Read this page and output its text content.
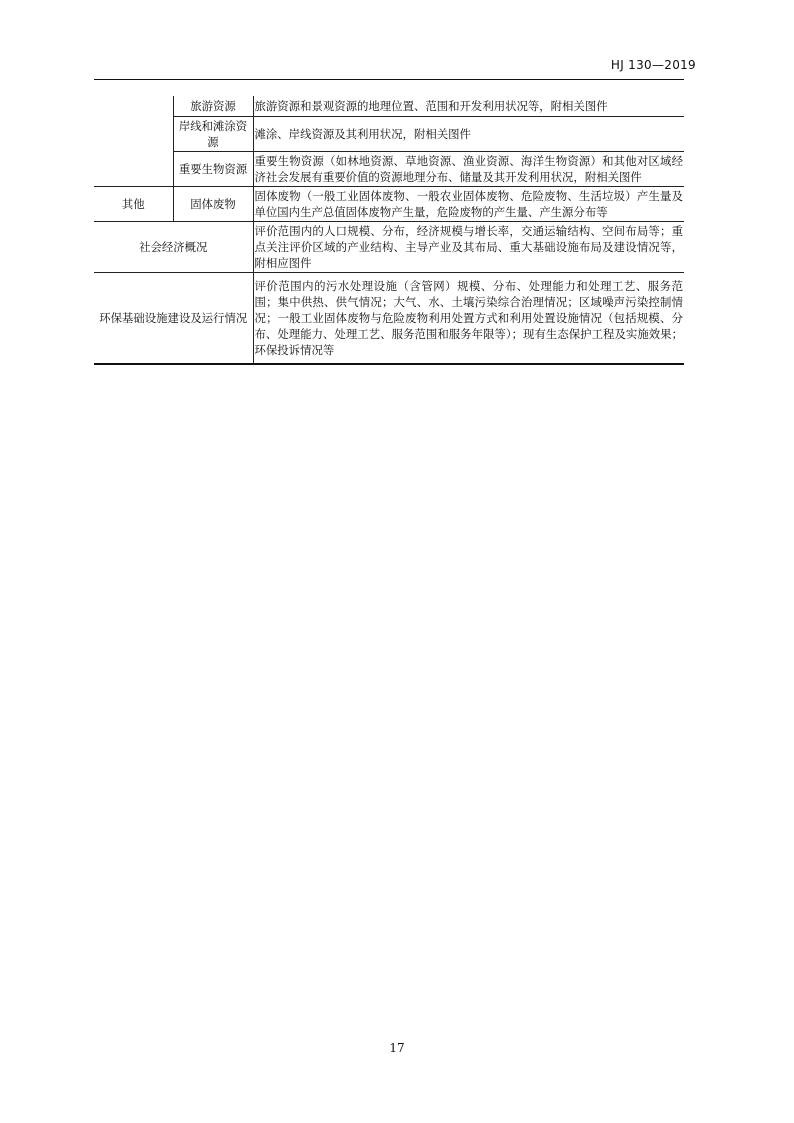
HJ 130—2019
	旅游资源	旅游资源和景观资源的地理位置、范围和开发利用状况等，附相关图件
	岸线和滩涂资源	滩涂、岸线资源及其利用状况，附相关图件
	重要生物资源	重要生物资源（如林地资源、草地资源、渔业资源、海洋生物资源）和其他对区域经济社会发展有重要价值的资源地理分布、储量及其开发利用状况，附相关图件
其他	固体废物	固体废物（一般工业固体废物、一般农业固体废物、危险废物、生活垃圾）产生量及单位国内生产总值固体废物产生量，危险废物的产生量、产生源分布等
社会经济概况		评价范围内的人口规模、分布，经济规模与增长率，交通运输结构、空间布局等；重点关注评价区域的产业结构、主导产业及其布局、重大基础设施布局及建设情况等，附相应图件
环保基础设施建设及运行情况		评价范围内的污水处理设施（含管网）规模、分布、处理能力和处理工艺、服务范围；集中供热、供气情况；大气、水、土壤污染综合治理情况；区域噪声污染控制情况；一般工业固体废物与危险废物利用处置方式和利用处置设施情况（包括规模、分布、处理能力、处理工艺、服务范围和服务年限等）；现有生态保护工程及实施效果；环保投诉情况等
17
